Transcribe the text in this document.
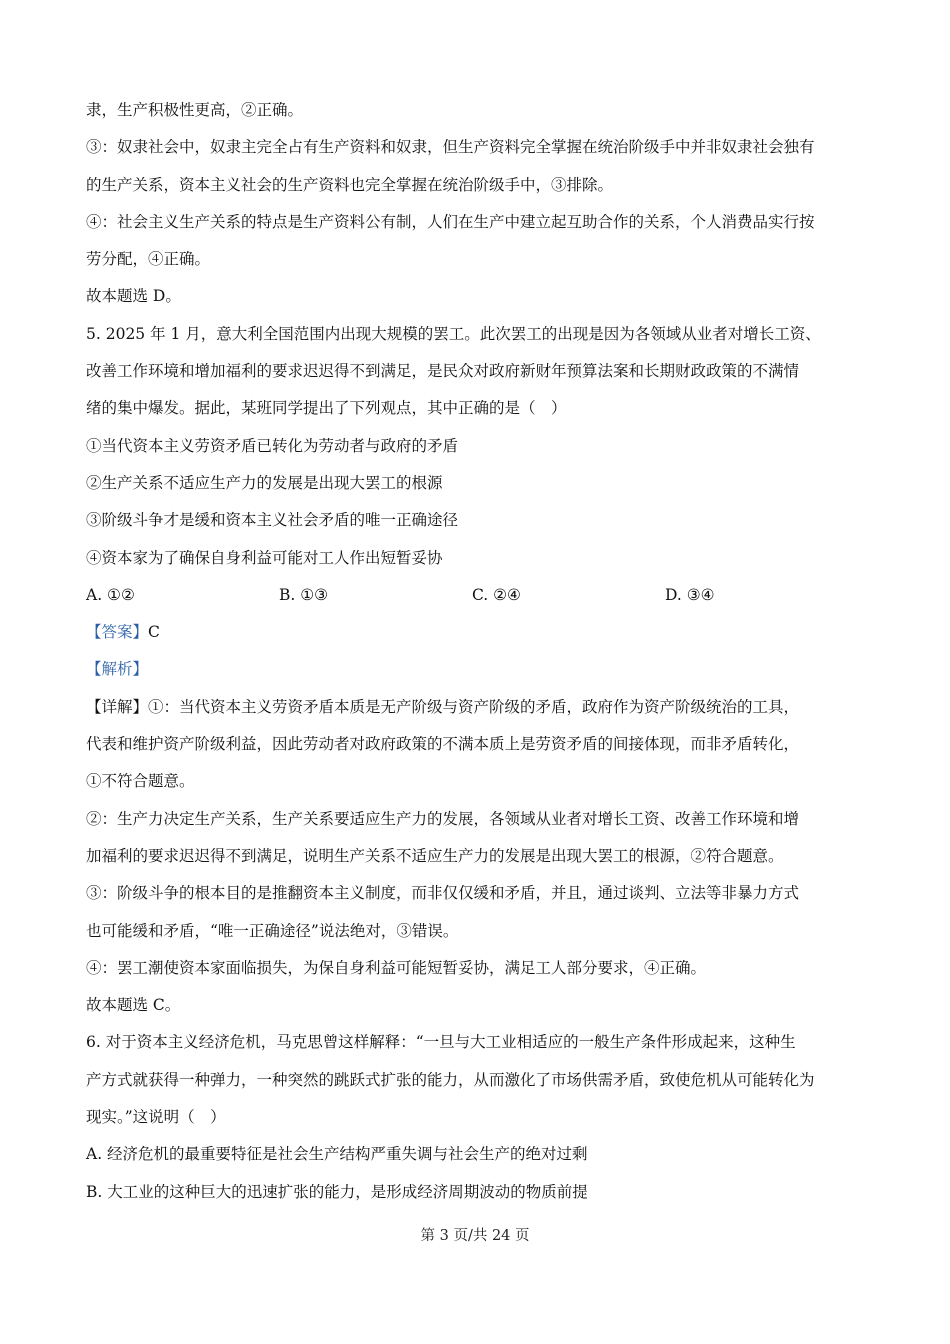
隶，生产积极性更高，②正确。

③：奴隶社会中，奴隶主完全占有生产资料和奴隶，但生产资料完全掌握在统治阶级手中并非奴隶社会独有

的生产关系，资本主义社会的生产资料也完全掌握在统治阶级手中，③排除。

④：社会主义生产关系的特点是生产资料公有制，人们在生产中建立起互助合作的关系，个人消费品实行按

劳分配，④正确。

故本题选 D。

5. 2025 年 1 月，意大利全国范围内出现大规模的罢工。此次罢工的出现是因为各领域从业者对增长工资、

改善工作环境和增加福利的要求迟迟得不到满足，是民众对政府新财年预算法案和长期财政政策的不满情

绪的集中爆发。据此，某班同学提出了下列观点，其中正确的是（　）

①当代资本主义劳资矛盾已转化为劳动者与政府的矛盾

②生产关系不适应生产力的发展是出现大罢工的根源

③阶级斗争才是缓和资本主义社会矛盾的唯一正确途径

④资本家为了确保自身利益可能对工人作出短暂妥协

A. ①②	B. ①③	C. ②④	D. ③④

【答案】C

【解析】

【详解】①：当代资本主义劳资矛盾本质是无产阶级与资产阶级的矛盾，政府作为资产阶级统治的工具，

代表和维护资产阶级利益，因此劳动者对政府政策的不满本质上是劳资矛盾的间接体现，而非矛盾转化，

①不符合题意。

②：生产力决定生产关系，生产关系要适应生产力的发展，各领域从业者对增长工资、改善工作环境和增

加福利的要求迟迟得不到满足，说明生产关系不适应生产力的发展是出现大罢工的根源，②符合题意。

③：阶级斗争的根本目的是推翻资本主义制度，而非仅仅缓和矛盾，并且，通过谈判、立法等非暴力方式

也可能缓和矛盾，“唯一正确途径”说法绝对，③错误。

④：罢工潮使资本家面临损失，为保自身利益可能短暂妥协，满足工人部分要求，④正确。

故本题选 C。

6. 对于资本主义经济危机，马克思曾这样解释：“一旦与大工业相适应的一般生产条件形成起来，这种生

产方式就获得一种弹力，一种突然的跳跃式扩张的能力，从而激化了市场供需矛盾，致使危机从可能转化为

现实。”这说明（　）

A. 经济危机的最重要特征是社会生产结构严重失调与社会生产的绝对过剩

B. 大工业的这种巨大的迅速扩张的能力，是形成经济周期波动的物质前提

第 3 页/共 24 页
